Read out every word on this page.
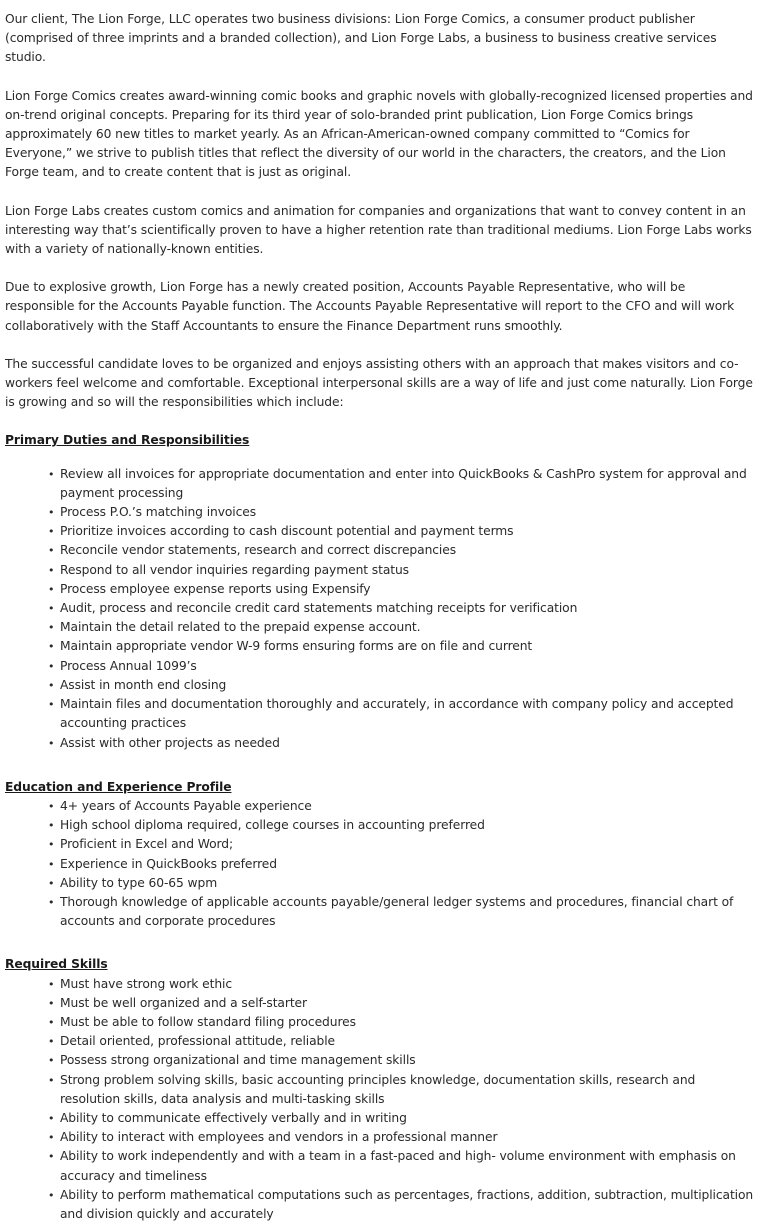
Our client, The Lion Forge, LLC operates two business divisions: Lion Forge Comics, a consumer product publisher (comprised of three imprints and a branded collection), and Lion Forge Labs, a business to business creative services studio.

Lion Forge Comics creates award-winning comic books and graphic novels with globally-recognized licensed properties and on-trend original concepts. Preparing for its third year of solo-branded print publication, Lion Forge Comics brings approximately 60 new titles to market yearly. As an African-American-owned company committed to “Comics for Everyone,” we strive to publish titles that reflect the diversity of our world in the characters, the creators, and the Lion Forge team, and to create content that is just as original.

Lion Forge Labs creates custom comics and animation for companies and organizations that want to convey content in an interesting way that’s scientifically proven to have a higher retention rate than traditional mediums. Lion Forge Labs works with a variety of nationally-known entities.

Due to explosive growth, Lion Forge has a newly created position, Accounts Payable Representative, who will be responsible for the Accounts Payable function. The Accounts Payable Representative will report to the CFO and will work collaboratively with the Staff Accountants to ensure the Finance Department runs smoothly.

The successful candidate loves to be organized and enjoys assisting others with an approach that makes visitors and co-workers feel welcome and comfortable. Exceptional interpersonal skills are a way of life and just come naturally. Lion Forge is growing and so will the responsibilities which include:

Primary Duties and Responsibilities

• Review all invoices for appropriate documentation and enter into QuickBooks & CashPro system for approval and payment processing
• Process P.O.’s matching invoices
• Prioritize invoices according to cash discount potential and payment terms
• Reconcile vendor statements, research and correct discrepancies
• Respond to all vendor inquiries regarding payment status
• Process employee expense reports using Expensify
• Audit, process and reconcile credit card statements matching receipts for verification
• Maintain the detail related to the prepaid expense account.
• Maintain appropriate vendor W-9 forms ensuring forms are on file and current
• Process Annual 1099’s
• Assist in month end closing
• Maintain files and documentation thoroughly and accurately, in accordance with company policy and accepted accounting practices
• Assist with other projects as needed

Education and Experience Profile

• 4+ years of Accounts Payable experience
• High school diploma required, college courses in accounting preferred
• Proficient in Excel and Word;
• Experience in QuickBooks preferred
• Ability to type 60-65 wpm
• Thorough knowledge of applicable accounts payable/general ledger systems and procedures, financial chart of accounts and corporate procedures

Required Skills

• Must have strong work ethic
• Must be well organized and a self-starter
• Must be able to follow standard filing procedures
• Detail oriented, professional attitude, reliable
• Possess strong organizational and time management skills
• Strong problem solving skills, basic accounting principles knowledge, documentation skills, research and resolution skills, data analysis and multi-tasking skills
• Ability to communicate effectively verbally and in writing
• Ability to interact with employees and vendors in a professional manner
• Ability to work independently and with a team in a fast-paced and high- volume environment with emphasis on accuracy and timeliness
• Ability to perform mathematical computations such as percentages, fractions, addition, subtraction, multiplication and division quickly and accurately
